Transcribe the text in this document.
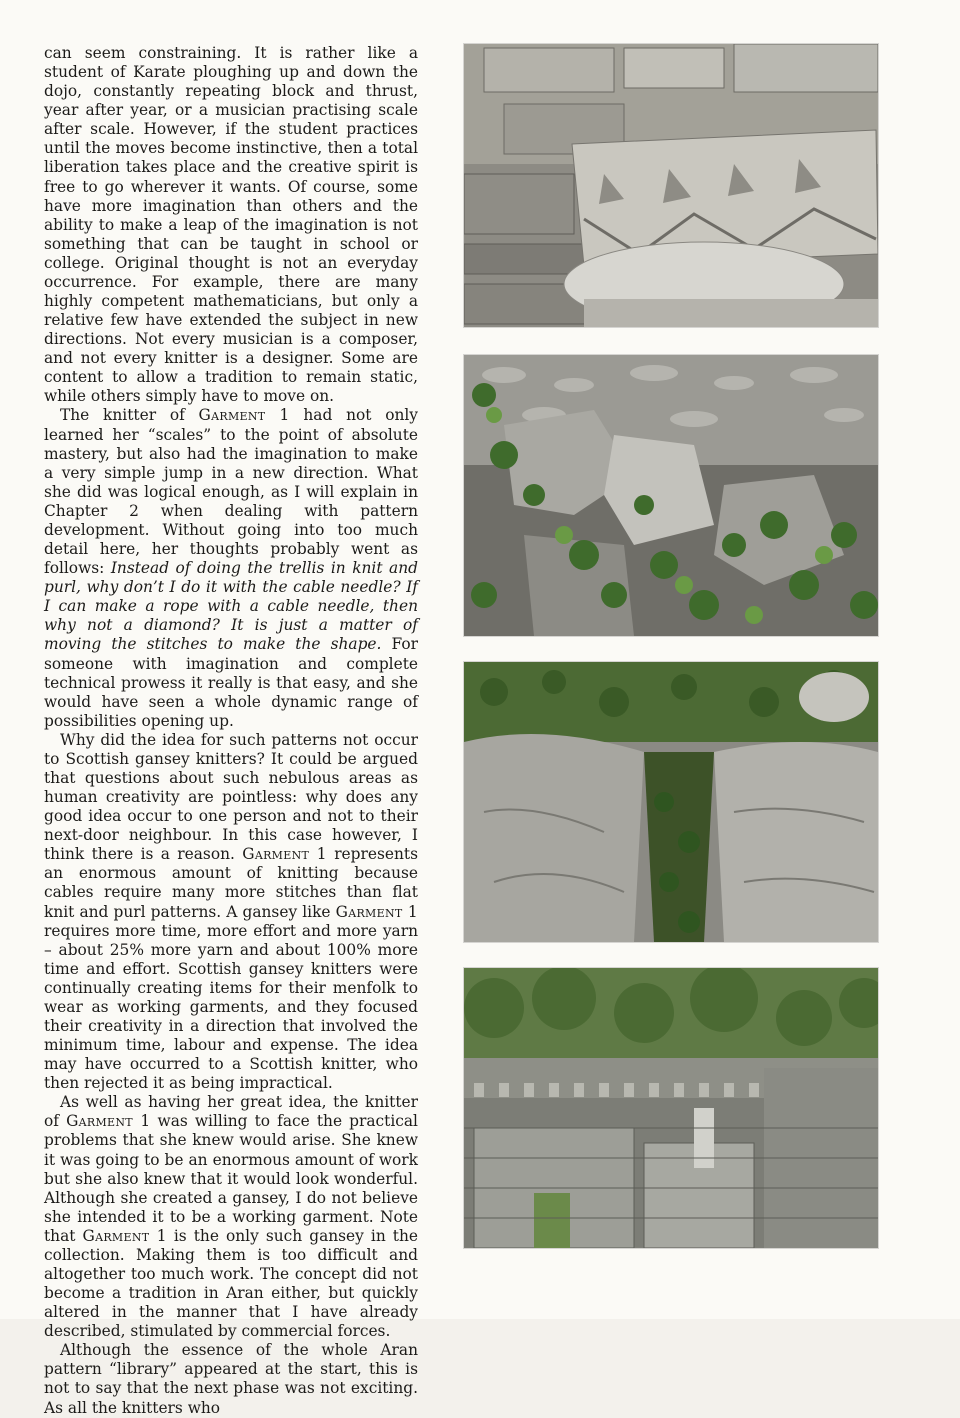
can seem constraining. It is rather like a student of Karate ploughing up and down the dojo, constantly repeating block and thrust, year after year, or a musician practising scale after scale. However, if the student practices until the moves become instinctive, then a total liberation takes place and the creative spirit is free to go wherever it wants. Of course, some have more imagination than others and the ability to make a leap of the imagination is not something that can be taught in school or college. Original thought is not an everyday occurrence. For example, there are many highly competent mathematicians, but only a relative few have extended the subject in new directions. Not every musician is a composer, and not every knitter is a designer. Some are content to allow a tradition to remain static, while others simply have to move on.

The knitter of Garment 1 had not only learned her “scales” to the point of absolute mastery, but also had the imagination to make a very simple jump in a new direction. What she did was logical enough, as I will explain in Chapter 2 when dealing with pattern development. Without going into too much detail here, her thoughts probably went as follows: Instead of doing the trellis in knit and purl, why don’t I do it with the cable needle? If I can make a rope with a cable needle, then why not a diamond? It is just a matter of moving the stitches to make the shape. For someone with imagination and complete technical prowess it really is that easy, and she would have seen a whole dynamic range of possibilities opening up.

Why did the idea for such patterns not occur to Scottish gansey knitters? It could be argued that questions about such nebulous areas as human creativity are pointless: why does any good idea occur to one person and not to their next-door neighbour. In this case however, I think there is a reason. Garment 1 represents an enormous amount of knitting because cables require many more stitches than flat knit and purl patterns. A gansey like Garment 1 requires more time, more effort and more yarn – about 25% more yarn and about 100% more time and effort. Scottish gansey knitters were continually creating items for their menfolk to wear as working garments, and they focused their creativity in a direction that involved the minimum time, labour and expense. The idea may have occurred to a Scottish knitter, who then rejected it as being impractical.

As well as having her great idea, the knitter of Garment 1 was willing to face the practical problems that she knew would arise. She knew it was going to be an enormous amount of work but she also knew that it would look wonderful. Although she created a gansey, I do not believe she intended it to be a working garment. Note that Garment 1 is the only such gansey in the collection. Making them is too difficult and altogether too much work. The concept did not become a tradition in Aran either, but quickly altered in the manner that I have already described, stimulated by commercial forces.

Although the essence of the whole Aran pattern “library” appeared at the start, this is not to say that the next phase was not exciting. As all the knitters who
